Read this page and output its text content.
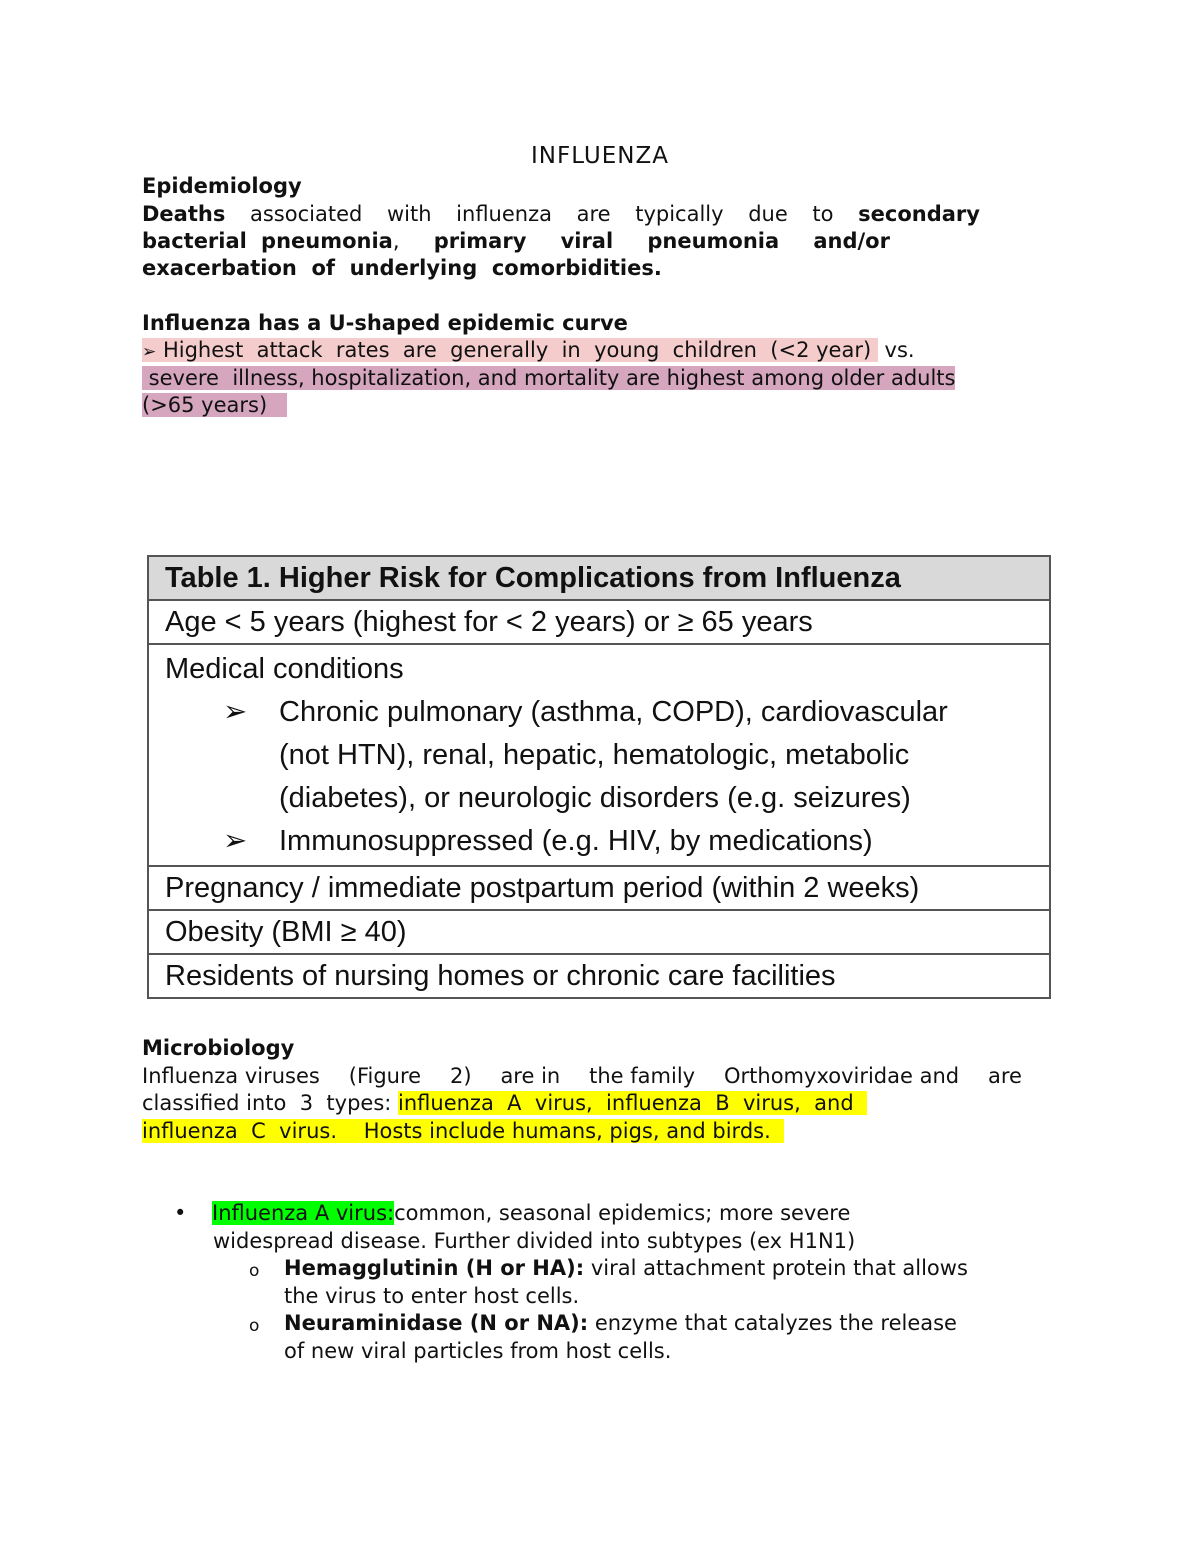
INFLUENZA
Epidemiology
Deaths associated with influenza are typically due to secondary
bacterial pneumonia, primary viral pneumonia and/or
exacerbation  of  underlying  comorbidities.
Influenza has a U-shaped epidemic curve
➢ Highest  attack  rates  are  generally  in  young  children  (<2 year) vs.
severe  illness, hospitalization, and mortality are highest among older adults
(>65 years)
Table 1. Higher Risk for Complications from Influenza
Age < 5 years (highest for < 2 years) or ≥ 65 years

Medical conditions
➢ Chronic pulmonary (asthma, COPD), cardiovascular
(not HTN), renal, hepatic, hematologic, metabolic
(diabetes), or neurologic disorders (e.g. seizures)
➢ Immunosuppressed (e.g. HIV, by medications)

Pregnancy / immediate postpartum period (within 2 weeks)
Obesity (BMI ≥ 40)
Residents of nursing homes or chronic care facilities
Microbiology
Influenza viruses (Figure 2) are in the family Orthomyxoviridae and are
classified into  3  types: influenza  A  virus,  influenza  B  virus,  and
influenza  C  virus.    Hosts include humans, pigs, and birds.
• Influenza A virus:common, seasonal epidemics; more severe
widespread disease. Further divided into subtypes (ex H1N1)
o Hemagglutinin (H or HA): viral attachment protein that allows
the virus to enter host cells.
o Neuraminidase (N or NA): enzyme that catalyzes the release
of new viral particles from host cells.
